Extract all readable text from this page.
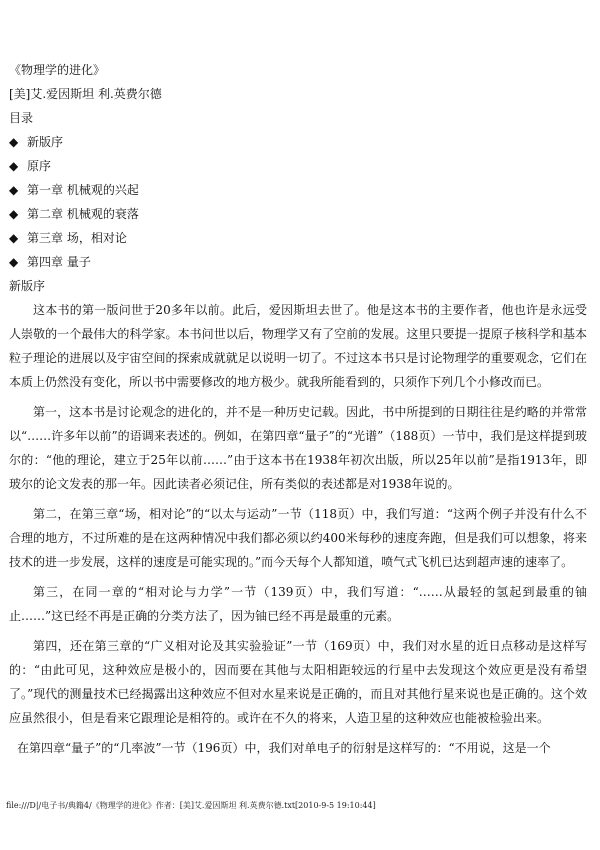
《物理学的进化》
[美]艾.爱因斯坦 利.英费尔德
目录
◆ 新版序
◆ 原序
◆ 第一章 机械观的兴起
◆ 第二章 机械观的衰落
◆ 第三章 场，相对论
◆ 第四章 量子
新版序

这本书的第一版问世于20多年以前。此后，爱因斯坦去世了。他是这本书的主要作者，他也许是永远受人崇敬的一个最伟大的科学家。本书问世以后，物理学又有了空前的发展。这里只要提一提原子核科学和基本粒子理论的进展以及宇宙空间的探索成就就足以说明一切了。不过这本书只是讨论物理学的重要观念，它们在本质上仍然没有变化，所以书中需要修改的地方极少。就我所能看到的，只须作下列几个小修改而已。

第一，这本书是讨论观念的进化的，并不是一种历史记载。因此，书中所提到的日期往往是约略的并常常以“……许多年以前”的语调来表述的。例如，在第四章“量子”的“光谱”（188页）一节中，我们是这样提到玻尔的：“他的理论，建立于25年以前……”由于这本书在1938年初次出版，所以25年以前”是指1913年，即玻尔的论文发表的那一年。因此读者必须记住，所有类似的表述都是对1938年说的。

第二，在第三章“场，相对论”的“以太与运动”一节（118页）中，我们写道：“这两个例子并没有什么不合理的地方，不过所难的是在这两种情况中我们都必须以约400米每秒的速度奔跑，但是我们可以想象，将来技术的进一步发展，这样的速度是可能实现的。”而今天每个人都知道，喷气式飞机已达到超声速的速率了。

第三，在同一章的“相对论与力学”一节（139页）中，我们写道：“……从最轻的氢起到最重的铀止……”这已经不再是正确的分类方法了，因为铀已经不再是最重的元素。

第四，还在第三章的“广义相对论及其实验验证”一节（169页）中，我们对水星的近日点移动是这样写的：“由此可见，这种效应是极小的，因而要在其他与太阳相距较远的行星中去发现这个效应更是没有希望了。”现代的测量技术已经揭露出这种效应不但对水星来说是正确的，而且对其他行星来说也是正确的。这个效应虽然很小，但是看来它跟理论是相符的。或许在不久的将来，人造卫星的这种效应也能被检验出来。

在第四章“量子”的“几率波”一节（196页）中，我们对单电子的衍射是这样写的：“不用说，这是一个

file:///D|/电子书/典籍4/《物理学的进化》作者：[美]艾.爱因斯坦 利.英费尔德.txt[2010-9-5 19:10:44]
